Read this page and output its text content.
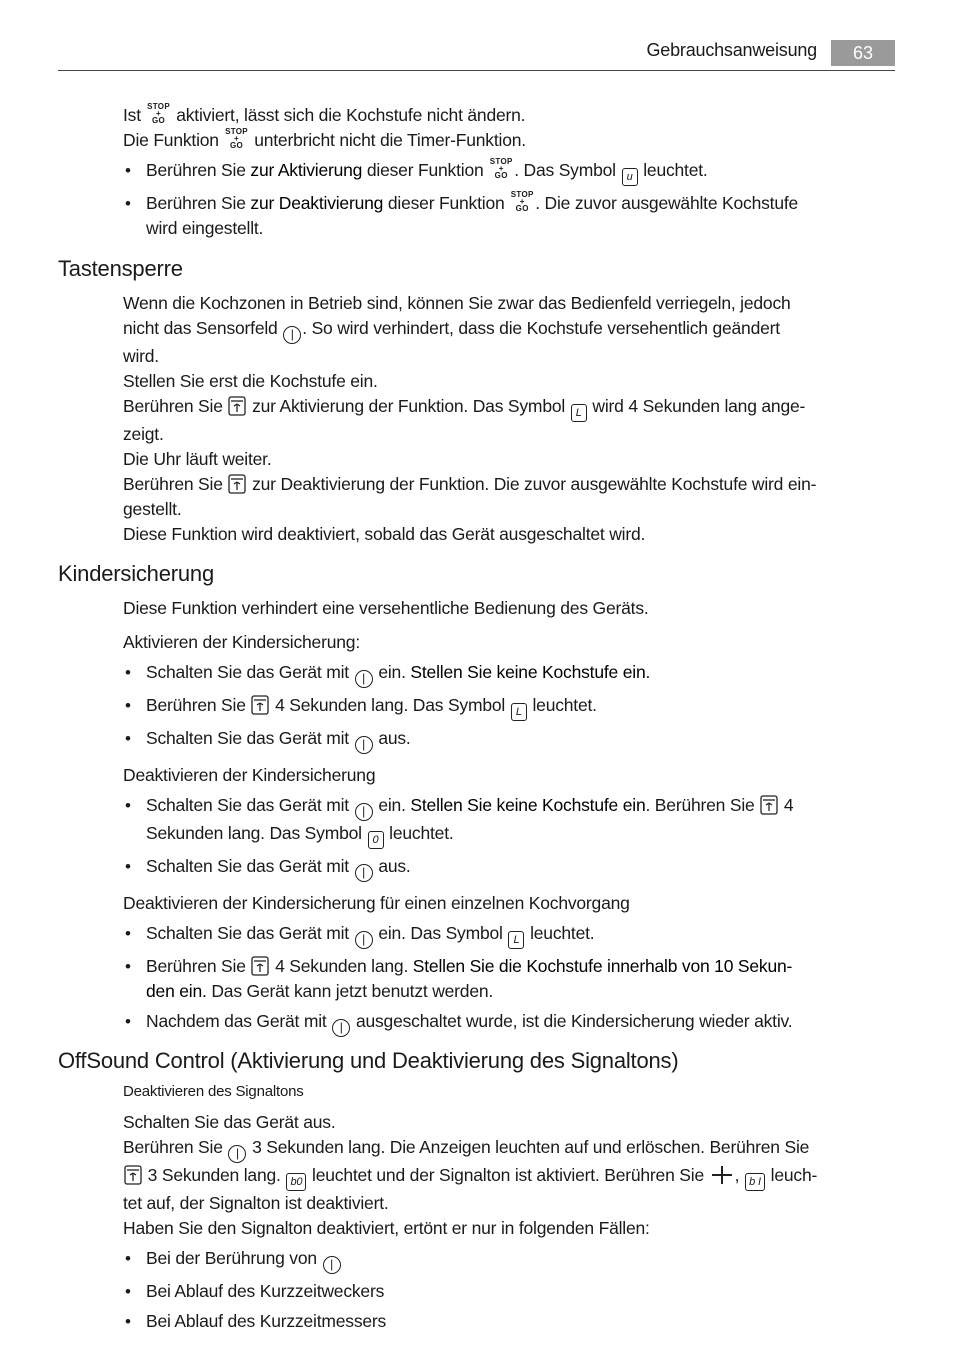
Gebrauchsanweisung	63
Ist STOP
+
GO aktiviert, lässt sich die Kochstufe nicht ändern.
Die Funktion STOP
+
GO unterbricht nicht die Timer-Funktion.
• Berühren Sie zur Aktivierung dieser Funktion STOP
+
GO . Das Symbol u leuchtet.
• Berühren Sie zur Deaktivierung dieser Funktion STOP
+
GO . Die zuvor ausgewählte Kochstufe
wird eingestellt.
Tastensperre
Wenn die Kochzonen in Betrieb sind, können Sie zwar das Bedienfeld verriegeln, jedoch
nicht das Sensorfeld | . So wird verhindert, dass die Kochstufe versehentlich geändert
wird.
Stellen Sie erst die Kochstufe ein.
Berühren Sie zur Aktivierung der Funktion. Das Symbol L wird 4 Sekunden lang ange-
zeigt.
Die Uhr läuft weiter.
Berühren Sie zur Deaktivierung der Funktion. Die zuvor ausgewählte Kochstufe wird ein-
gestellt.
Diese Funktion wird deaktiviert, sobald das Gerät ausgeschaltet wird.
Kindersicherung
Diese Funktion verhindert eine versehentliche Bedienung des Geräts.
Aktivieren der Kindersicherung:
• Schalten Sie das Gerät mit | ein. Stellen Sie keine Kochstufe ein.
• Berühren Sie 4 Sekunden lang. Das Symbol L leuchtet.
• Schalten Sie das Gerät mit | aus.
Deaktivieren der Kindersicherung
• Schalten Sie das Gerät mit | ein. Stellen Sie keine Kochstufe ein. Berühren Sie 4
Sekunden lang. Das Symbol 0 leuchtet.
• Schalten Sie das Gerät mit | aus.
Deaktivieren der Kindersicherung für einen einzelnen Kochvorgang
• Schalten Sie das Gerät mit | ein. Das Symbol L leuchtet.
• Berühren Sie 4 Sekunden lang. Stellen Sie die Kochstufe innerhalb von 10 Sekun-
den ein. Das Gerät kann jetzt benutzt werden.
• Nachdem das Gerät mit | ausgeschaltet wurde, ist die Kindersicherung wieder aktiv.
OffSound Control (Aktivierung und Deaktivierung des Signaltons)
Deaktivieren des Signaltons
Schalten Sie das Gerät aus.
Berühren Sie | 3 Sekunden lang. Die Anzeigen leuchten auf und erlöschen. Berühren Sie
3 Sekunden lang. b0 leuchtet und der Signalton ist aktiviert. Berühren Sie , b I leuch-
tet auf, der Signalton ist deaktiviert.
Haben Sie den Signalton deaktiviert, ertönt er nur in folgenden Fällen:
• Bei der Berührung von |
• Bei Ablauf des Kurzzeitweckers
• Bei Ablauf des Kurzzeitmessers
